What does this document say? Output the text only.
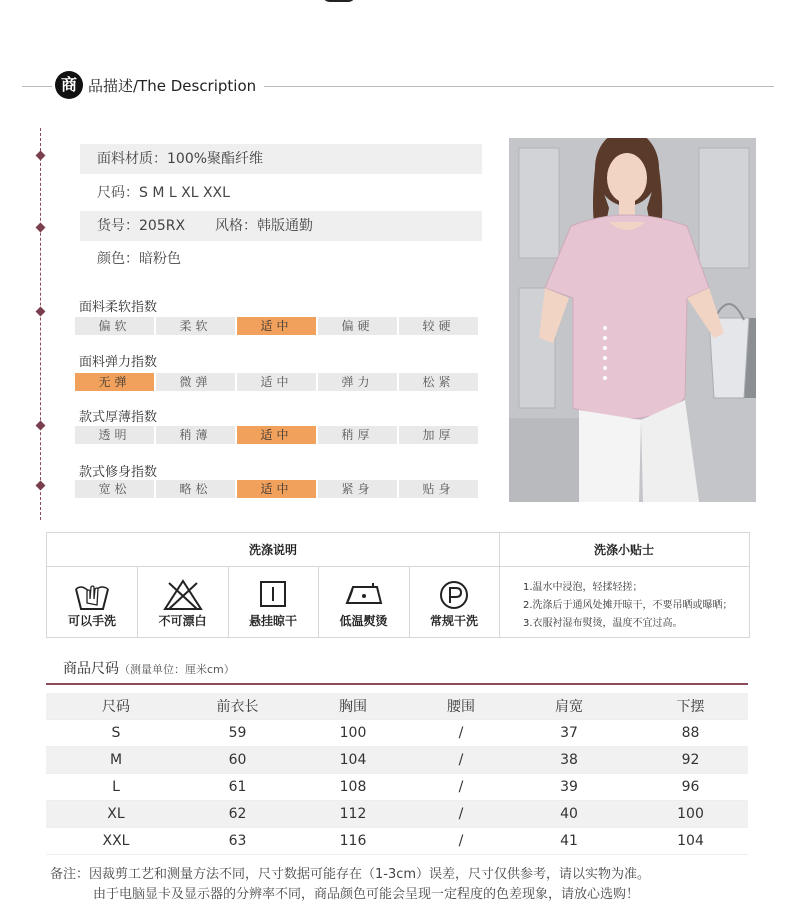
商 品描述/The Description
面料材质：100%聚酯纤维
尺码：S M L XL XXL
货号：205RX 风格：韩版通勤
颜色：暗粉色
面料柔软指数
偏软	柔软	适中	偏硬	较硬
面料弹力指数
无弹	微弹	适中	弹力	松紧
款式厚薄指数
透明	稍薄	适中	稍厚	加厚
款式修身指数
宽松	略松	适中	紧身	贴身
洗涤说明	洗涤小贴士
可以手洗	不可漂白	悬挂晾干	低温熨烫	常规干洗
1.温水中浸泡，轻揉轻搓；
2.洗涤后于通风处摊开晾干，不要吊晒或曝晒；
3.衣服衬湿布熨烫，温度不宜过高。
商品尺码（测量单位：厘米cm）
尺码	前衣长	胸围	腰围	肩宽	下摆
S	59	100	/	37	88
M	60	104	/	38	92
L	61	108	/	39	96
XL	62	112	/	40	100
XXL	63	116	/	41	104
备注：因裁剪工艺和测量方法不同，尺寸数据可能存在（1-3cm）误差，尺寸仅供参考，请以实物为准。
由于电脑显卡及显示器的分辨率不同，商品颜色可能会呈现一定程度的色差现象，请放心选购！
